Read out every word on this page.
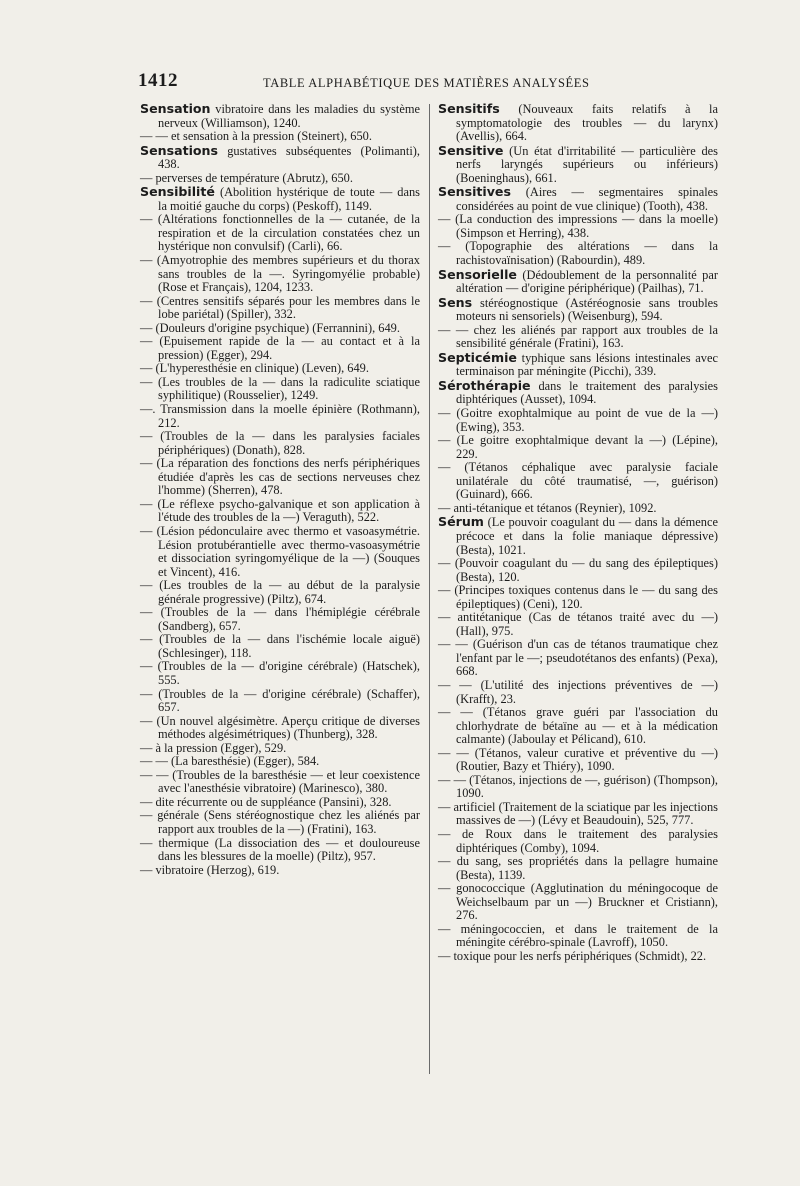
1412	TABLE ALPHABÉTIQUE DES MATIÈRES ANALYSÉES

Sensation vibratoire dans les maladies du système nerveux (Williamson), 1240.

— — et sensation à la pression (Steinert), 650.

Sensations gustatives subséquentes (Polimanti), 438.

— perverses de température (Abrutz), 650.

Sensibilité (Abolition hystérique de toute — dans la moitié gauche du corps) (Peskoff), 1149.

— (Altérations fonctionnelles de la — cutanée, de la respiration et de la circulation constatées chez un hystérique non convulsif) (Carli), 66.

— (Amyotrophie des membres supérieurs et du thorax sans troubles de la —. Syringomyélie probable) (Rose et Français), 1204, 1233.

— (Centres sensitifs séparés pour les membres dans le lobe pariétal) (Spiller), 332.

— (Douleurs d'origine psychique) (Ferrannini), 649.

— (Epuisement rapide de la — au contact et à la pression) (Egger), 294.

— (L'hyperesthésie en clinique) (Leven), 649.

— (Les troubles de la — dans la radiculite sciatique syphilitique) (Rousselier), 1249.

—. Transmission dans la moelle épinière (Rothmann), 212.

— (Troubles de la — dans les paralysies faciales périphériques) (Donath), 828.

— (La réparation des fonctions des nerfs périphériques étudiée d'après les cas de sections nerveuses chez l'homme) (Sherren), 478.

— (Le réflexe psycho-galvanique et son application à l'étude des troubles de la —) Veraguth), 522.

— (Lésion pédonculaire avec thermo et vasoasymétrie. Lésion protubérantielle avec thermo-vasoasymétrie et dissociation syringomyélique de la —) (Souques et Vincent), 416.

— (Les troubles de la — au début de la paralysie générale progressive) (Piltz), 674.

— (Troubles de la — dans l'hémiplégie cérébrale (Sandberg), 657.

— (Troubles de la — dans l'ischémie locale aiguë) (Schlesinger), 118.

— (Troubles de la — d'origine cérébrale) (Hatschek), 555.

— (Troubles de la — d'origine cérébrale) (Schaffer), 657.

— (Un nouvel algésimètre. Aperçu critique de diverses méthodes algésimétriques) (Thunberg), 328.

— à la pression (Egger), 529.

— — (La baresthésie) (Egger), 584.

— — (Troubles de la baresthésie — et leur coexistence avec l'anesthésie vibratoire) (Marinesco), 380.

— dite récurrente ou de suppléance (Pansini), 328.

— générale (Sens stéréognostique chez les aliénés par rapport aux troubles de la —) (Fratini), 163.

— thermique (La dissociation des — et douloureuse dans les blessures de la moelle) (Piltz), 957.

— vibratoire (Herzog), 619.

Sensitifs (Nouveaux faits relatifs à la symptomatologie des troubles — du larynx) (Avellis), 664.

Sensitive (Un état d'irritabilité — particulière des nerfs laryngés supérieurs ou inférieurs) (Boeninghaus), 661.

Sensitives (Aires — segmentaires spinales considérées au point de vue clinique) (Tooth), 438.

— (La conduction des impressions — dans la moelle) (Simpson et Herring), 438.

— (Topographie des altérations — dans la rachistovaïnisation) (Rabourdin), 489.

Sensorielle (Dédoublement de la personnalité par altération — d'origine périphérique) (Pailhas), 71.

Sens stéréognostique (Astéréognosie sans troubles moteurs ni sensoriels) (Weisenburg), 594.

— — chez les aliénés par rapport aux troubles de la sensibilité générale (Fratini), 163.

Septicémie typhique sans lésions intestinales avec terminaison par méningite (Picchi), 339.

Sérothérapie dans le traitement des paralysies diphtériques (Ausset), 1094.

— (Goitre exophtalmique au point de vue de la —) (Ewing), 353.

— (Le goitre exophtalmique devant la —) (Lépine), 229.

— (Tétanos céphalique avec paralysie faciale unilatérale du côté traumatisé, —, guérison) (Guinard), 666.

— anti-tétanique et tétanos (Reynier), 1092.

Sérum (Le pouvoir coagulant du — dans la démence précoce et dans la folie maniaque dépressive) (Besta), 1021.

— (Pouvoir coagulant du — du sang des épileptiques) (Besta), 120.

— (Principes toxiques contenus dans le — du sang des épileptiques) (Ceni), 120.

— antitétanique (Cas de tétanos traité avec du —) (Hall), 975.

— — (Guérison d'un cas de tétanos traumatique chez l'enfant par le —; pseudotétanos des enfants) (Pexa), 668.

— — (L'utilité des injections préventives de —) (Krafft), 23.

— — (Tétanos grave guéri par l'association du chlorhydrate de bétaïne au — et à la médication calmante) (Jaboulay et Pélicand), 610.

— — (Tétanos, valeur curative et préventive du —) (Routier, Bazy et Thiéry), 1090.

— — (Tétanos, injections de —, guérison) (Thompson), 1090.

— artificiel (Traitement de la sciatique par les injections massives de —) (Lévy et Beaudouin), 525, 777.

— de Roux dans le traitement des paralysies diphtériques (Comby), 1094.

— du sang, ses propriétés dans la pellagre humaine (Besta), 1139.

— gonococcique (Agglutination du méningocoque de Weichselbaum par un —) Bruckner et Cristiann), 276.

— méningococcien, et dans le traitement de la méningite cérébro-spinale (Lavroff), 1050.

— toxique pour les nerfs périphériques (Schmidt), 22.
